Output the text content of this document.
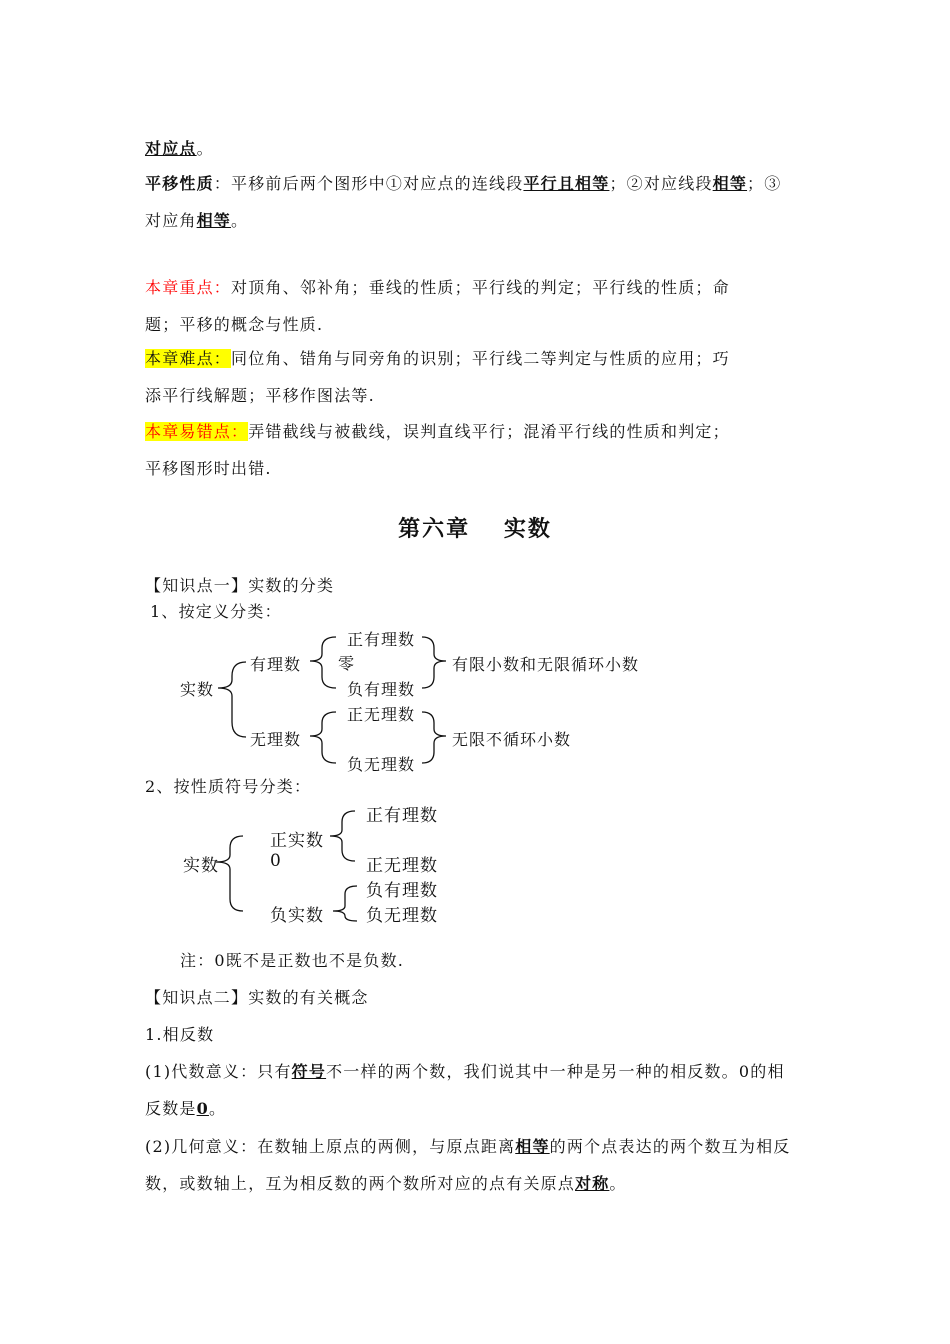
对应点。
平移性质：平移前后两个图形中①对应点的连线段平行且相等；②对应线段相等；③
对应角相等。
本章重点：对顶角、邻补角；垂线的性质；平行线的判定；平行线的性质；命
题；平移的概念与性质.
本章难点：同位角、错角与同旁角的识别；平行线二等判定与性质的应用；巧
添平行线解题；平移作图法等.
本章易错点：弄错截线与被截线，误判直线平行；混淆平行线的性质和判定；
平移图形时出错.
第六章　 实数
【知识点一】实数的分类
1、按定义分类：
实数
有理数
正有理数
零
负有理数
有限小数和无限循环小数
无理数
正无理数
负无理数
无限不循环小数
2、按性质符号分类：
实数
正实数
0
负实数
正有理数
正无理数
负有理数
负无理数
注：0既不是正数也不是负数.
【知识点二】实数的有关概念
1.相反数
(1)代数意义：只有符号不一样的两个数，我们说其中一种是另一种的相反数。0的相
反数是0。
(2)几何意义：在数轴上原点的两侧，与原点距离相等的两个点表达的两个数互为相反
数，或数轴上，互为相反数的两个数所对应的点有关原点对称。
